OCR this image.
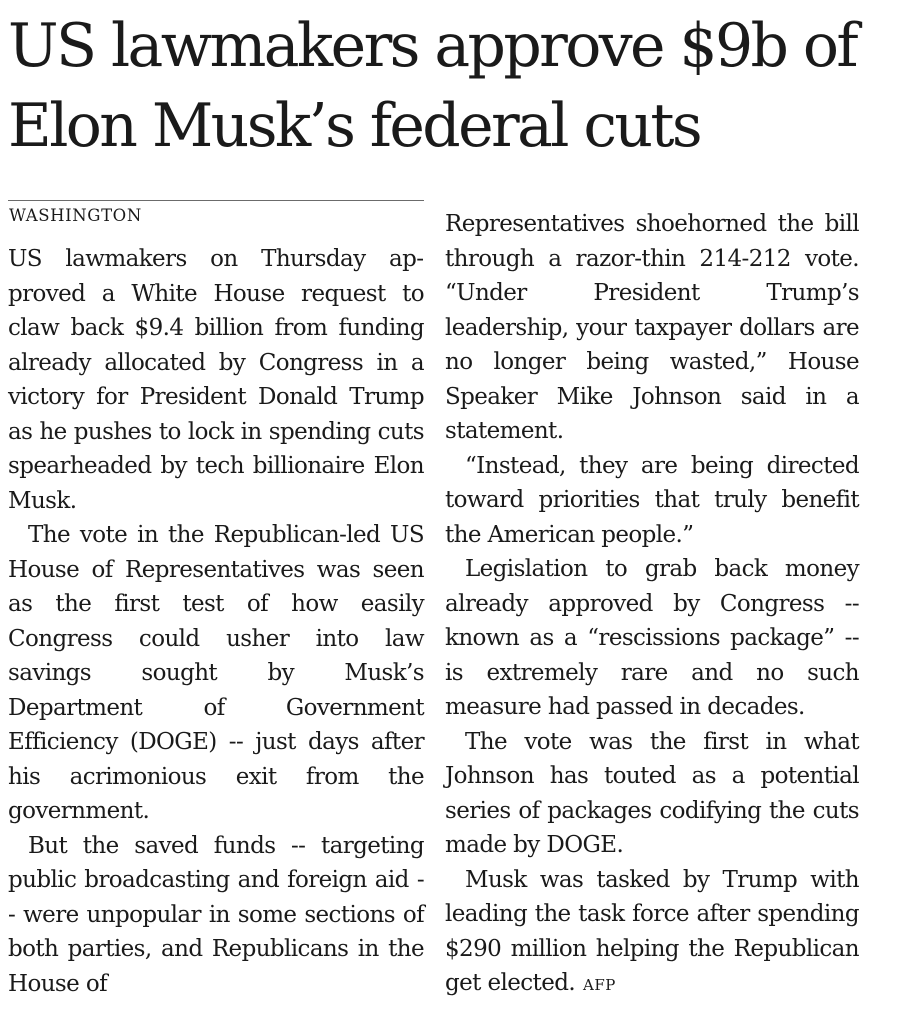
US lawmakers approve $9b of Elon Musk’s federal cuts
WASHINGTON

US lawmakers on Thursday approved a White House request to claw back $9.4 billion from funding already allocated by Congress in a victory for President Donald Trump as he pushes to lock in spending cuts spearheaded by tech billionaire Elon Musk.

The vote in the Republican-led US House of Representatives was seen as the first test of how easily Congress could usher into law savings sought by Musk’s Department of Government Efficiency (DOGE) -- just days after his acrimonious exit from the government.

But the saved funds -- targeting public broadcasting and foreign aid -- were unpopular in some sections of both parties, and Republicans in the House of

Representatives shoehorned the bill through a razor-thin 214-212 vote. “Under President Trump’s leadership, your taxpayer dollars are no longer being wasted,” House Speaker Mike Johnson said in a statement.

“Instead, they are being directed toward priorities that truly benefit the American people.”

Legislation to grab back money already approved by Congress -- known as a “rescissions package” -- is extremely rare and no such measure had passed in decades.

The vote was the first in what Johnson has touted as a potential series of packages codifying the cuts made by DOGE.

Musk was tasked by Trump with leading the task force after spending $290 million helping the Republican get elected. AFP
